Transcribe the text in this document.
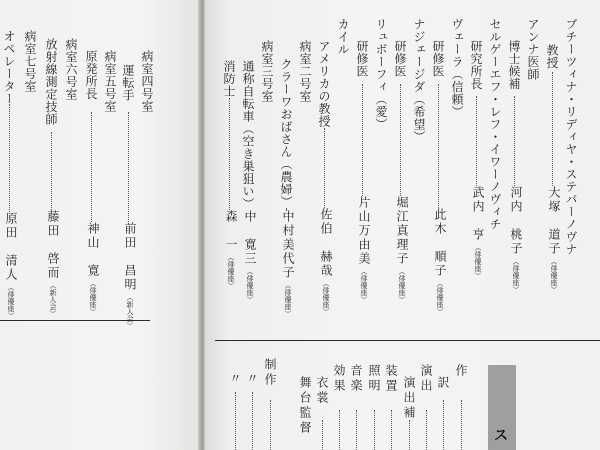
病室四号室
運転手
前田　昌明（新人会）
病室五号室
原発所長
神山　寛（俳優座）
病室六号室
放射線測定技師
藤田　啓而（新人会）
病室七号室
オペレーター
原田　清人（俳優座）
ブチーツィナ・リディヤ・ステパーノヴナ
教授
大塚　道子（俳優座）
アンナ医師
博士候補
河内　桃子（俳優座）
セルゲーエフ・レフ・イワーノヴィチ
研究所長
武内　亨（俳優座）
ヴェーラ（信頼）
研修医
此木　順子（俳優座）
ナジェージダ（希望）
研修医
堀江真理子（俳優座）
リュボーフィ（愛）
研修医
片山万由美（俳優座）
カイル
アメリカの教授
佐伯　赫哉（俳優座）
病室二号室
クラーワおばさん（農婦）
中村美代子（俳優座）
病室三号室
通称自転車（空き巣狙い）
中　寛三（俳優座）
消防士
森　一（俳優座）
ス
作
訳
演出
演出補
装置
照明
音楽
効果
衣裳
舞台監督
制作
〃
〃
